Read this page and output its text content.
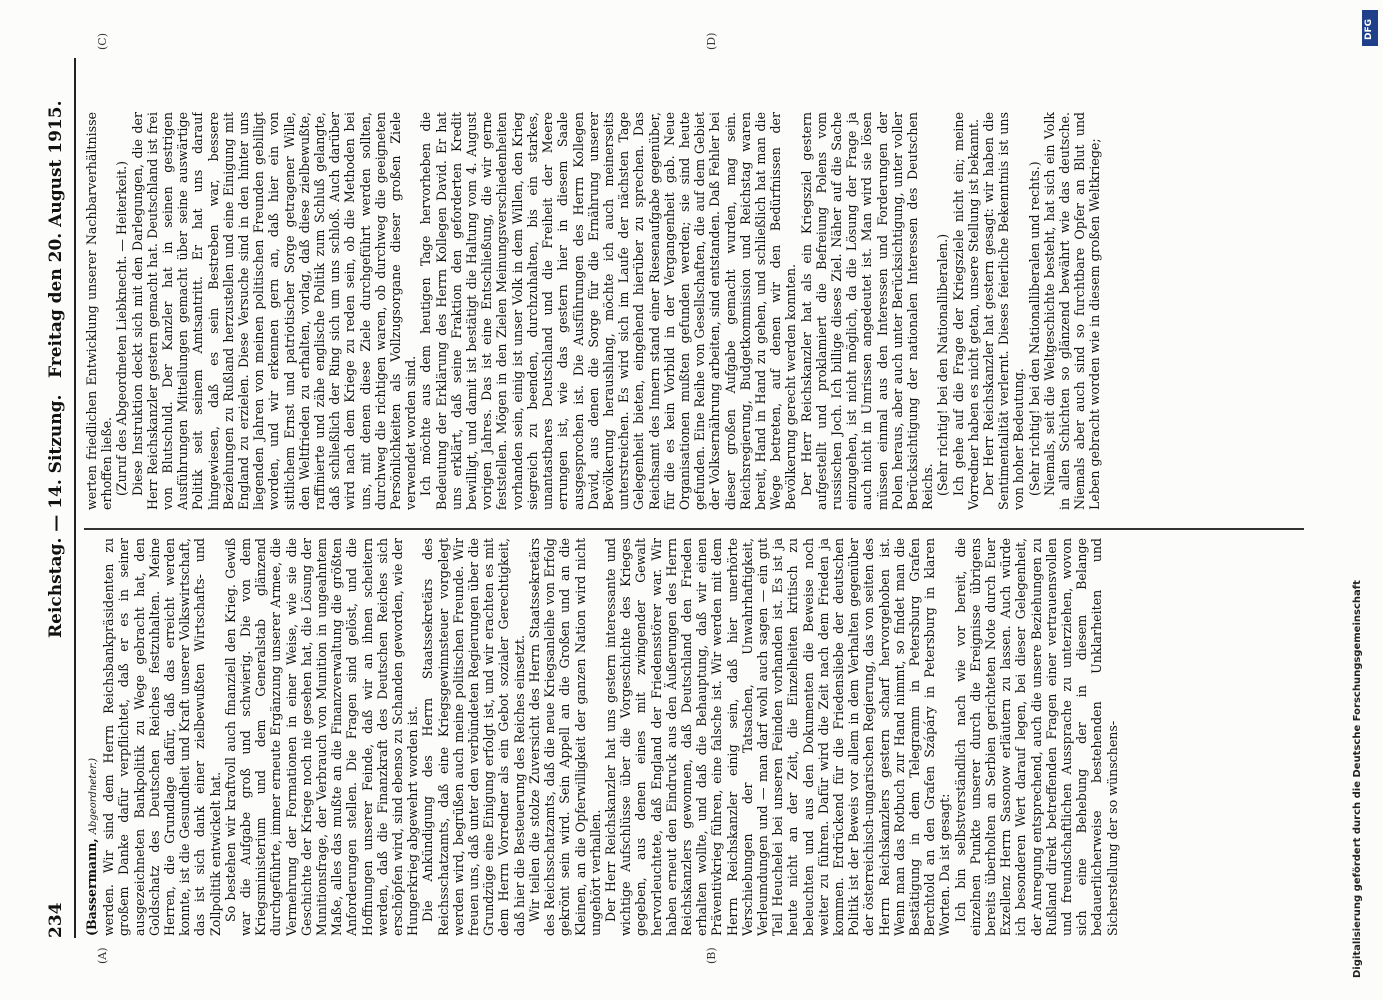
234
Reichstag. — 14. Sitzung.
Freitag den 20. August 1915.
(A)	(B)
(C)	(D)

(Bassermann, Abgeordneter.) werden. Wir sind dem Herrn Reichsbankpräsidenten zu großem Danke dafür verpflichtet, daß er es in seiner ausgezeichneten Bankpolitik zu Wege gebracht hat, den Goldschatz des Deutschen Reiches festzuhalten. Meine Herren, die Grundlage dafür, daß das erreicht werden konnte, ist die Gesundheit und Kraft unserer Volkswirtschaft, das ist sich dank einer zielbewußten Wirtschafts- und Zollpolitik entwickelt hat. So bestehen wir kraftvoll auch finanziell den Krieg. Gewiß war die Aufgabe groß und schwierig. Die von dem Kriegsministerium und dem Generalstab glänzend durchgeführte, immer erneute Ergänzung unserer Armee, die Vermehrung der Formationen in einer Weise, wie sie die Geschichte der Kriege noch nie gesehen hat, die Lösung der Munitionsfrage, der Verbrauch von Munition in ungeahntem Maße, alles das mußte an die Finanzverwaltung die größten Anforderungen stellen. Die Fragen sind gelöst, und die Hoffnungen unserer Feinde, daß wir an ihnen scheitern werden, daß die Finanzkraft des Deutschen Reiches sich erschöpfen wird, sind ebenso zu Schanden geworden, wie der Hungerkrieg abgewehrt worden ist. Die Ankündigung des Herrn Staatssekretärs des Reichsschatzamts, daß eine Kriegsgewinnsteuer vorgelegt werden wird, begrüßen auch meine politischen Freunde. Wir freuen uns, daß unter den verbündeten Regierungen über die Grundzüge eine Einigung erfolgt ist, und wir erachten es mit dem Herrn Vorredner als ein Gebot sozialer Gerechtigkeit, daß hier die Besteuerung des Reiches einsetzt. Wir teilen die stolze Zuversicht des Herrn Staatssekretärs des Reichsschatzamts, daß die neue Kriegsanleihe von Erfolg gekrönt sein wird. Sein Appell an die Großen und an die Kleinen, an die Opferwilligkeit der ganzen Nation wird nicht ungehört verhallen. Der Herr Reichskanzler hat uns gestern interessante und wichtige Aufschlüsse über die Vorgeschichte des Krieges gegeben, aus denen eines mit zwingender Gewalt hervorleuchtete, daß England der Friedensstörer war. Wir haben erneut den Eindruck aus den Äußerungen des Herrn Reichskanzlers gewonnen, daß Deutschland den Frieden erhalten wollte, und daß die Behauptung, daß wir einen Präventivkrieg führen, eine falsche ist. Wir werden mit dem Herrn Reichskanzler einig sein, daß hier unerhörte Verschiebungen der Tatsachen, Unwahrhaftigkeit, Verleumdungen und — man darf wohl auch sagen — ein gut Teil Heuchelei bei unseren Feinden vorhanden ist. Es ist ja heute nicht an der Zeit, die Einzelheiten kritisch zu beleuchten und aus den Dokumenten die Beweise noch weiter zu führen. Dafür wird die Zeit nach dem Frieden ja kommen. Erdrückend für die Friedensliebe der deutschen Politik ist der Beweis vor allem in dem Verhalten gegenüber der österreichisch-ungarischen Regierung, das von seiten des Herrn Reichskanzlers gestern scharf hervorgehoben ist. Wenn man das Rotbuch zur Hand nimmt, so findet man die Bestätigung in dem Telegramm in Petersburg Grafen Berchtold an den Grafen Szápáry in Petersburg in klaren Worten. Da ist gesagt: Ich bin selbstverständlich nach wie vor bereit, die einzelnen Punkte unserer durch die Ereignisse übrigens bereits überholten an Serbien gerichteten Note durch Euer Exzellenz Herrn Sasonow erläutern zu lassen. Auch würde ich besonderen Wert darauf legen, bei dieser Gelegenheit, der Anregung entsprechend, auch die unsere Beziehungen zu Rußland direkt betreffenden Fragen einer vertrauensvollen und freundschaftlichen Aussprache zu unterziehen, wovon sich eine Behebung der in diesem Belange bedauerlicherweise bestehenden Unklarheiten und Sicherstellung der so wünschens-

werten friedlichen Entwicklung unserer Nachbarverhältnisse erhoffen ließe. (Zuruf des Abgeordneten Liebknecht. — Heiterkeit.) Diese Instruktion deckt sich mit den Darlegungen, die der Herr Reichskanzler gestern gemacht hat. Deutschland ist frei von Blutschuld. Der Kanzler hat in seinen gestrigen Ausführungen Mitteilungen gemacht über seine auswärtige Politik seit seinem Amtsantritt. Er hat uns darauf hingewiesen, daß es sein Bestreben war, bessere Beziehungen zu Rußland herzustellen und eine Einigung mit England zu erzielen. Diese Versuche sind in den hinter uns liegenden Jahren von meinen politischen Freunden gebilligt worden, und wir erkennen gern an, daß hier ein von sittlichem Ernst und patriotischer Sorge getragener Wille, den Weltfrieden zu erhalten, vorlag, daß diese zielbewußte, raffinierte und zähe englische Politik zum Schluß gelangte, daß schließlich der Ring sich um uns schloß. Auch darüber wird nach dem Kriege zu reden sein, ob die Methoden bei uns, mit denen diese Ziele durchgeführt werden sollten, durchweg die richtigen waren, ob durchweg die geeigneten Persönlichkeiten als Vollzugsorgane dieser großen Ziele verwendet worden sind. Ich möchte aus dem heutigen Tage hervorheben die Bedeutung der Erklärung des Herrn Kollegen David. Er hat uns erklärt, daß seine Fraktion den geforderten Kredit bewilligt, und damit ist bestätigt die Haltung vom 4. August vorigen Jahres. Das ist eine Entschließung, die wir gerne feststellen. Mögen in den Zielen Meinungsverschiedenheiten vorhanden sein, einig ist unser Volk in dem Willen, den Krieg siegreich zu beenden, durchzuhalten, bis ein starkes, unantastbares Deutschland und die Freiheit der Meere errungen ist, wie das gestern hier in diesem Saale ausgesprochen ist. Die Ausführungen des Herrn Kollegen David, aus denen die Sorge für die Ernährung unserer Bevölkerung heraushlang, möchte ich auch meinerseits unterstreichen. Es wird sich im Laufe der nächsten Tage Gelegenheit bieten, eingehend hierüber zu sprechen. Das Reichsamt des Innern stand einer Riesenaufgabe gegenüber, für die es kein Vorbild in der Vergangenheit gab. Neue Organisationen mußten gefunden werden; sie sind heute gefunden. Eine Reihe von Gesellschaften, die auf dem Gebiet der Volksernährung arbeiten, sind entstanden. Daß Fehler bei dieser großen Aufgabe gemacht wurden, mag sein. Reichsregierung, Budgetkommission und Reichstag waren bereit, Hand in Hand zu gehen, und schließlich hat man die Wege betreten, auf denen wir den Bedürfnissen der Bevölkerung gerecht werden konnten. Der Herr Reichskanzler hat als ein Kriegsziel gestern aufgestellt und proklamiert die Befreiung Polens vom russischen Joch. Ich billige dieses Ziel. Näher auf die Sache einzugehen, ist nicht möglich, da die Lösung der Frage ja auch nicht in Umrissen angedeutet ist. Man wird sie lösen müssen einmal aus den Interessen und Forderungen der Polen heraus, aber auch unter Berücksichtigung, unter voller Berücksichtigung der nationalen Interessen des Deutschen Reichs. (Sehr richtig! bei den Nationalliberalen.) Ich gehe auf die Frage der Kriegsziele nicht ein; meine Vorredner haben es nicht getan, unsere Stellung ist bekannt. Der Herr Reichskanzler hat gestern gesagt: wir haben die Sentimentalität verlernt. Dieses feierliche Bekenntnis ist uns von hoher Bedeutung. (Sehr richtig! bei den Nationalliberalen und rechts.) Niemals, seit die Weltgeschichte besteht, hat sich ein Volk in allen Schichten so glänzend bewährt wie das deutsche. Niemals aber auch sind so furchtbare Opfer an Blut und Leben gebracht worden wie in diesem großen Weltkriege;

Digitalisierung gefördert durch die Deutsche Forschungsgemeinschaft
DFG
